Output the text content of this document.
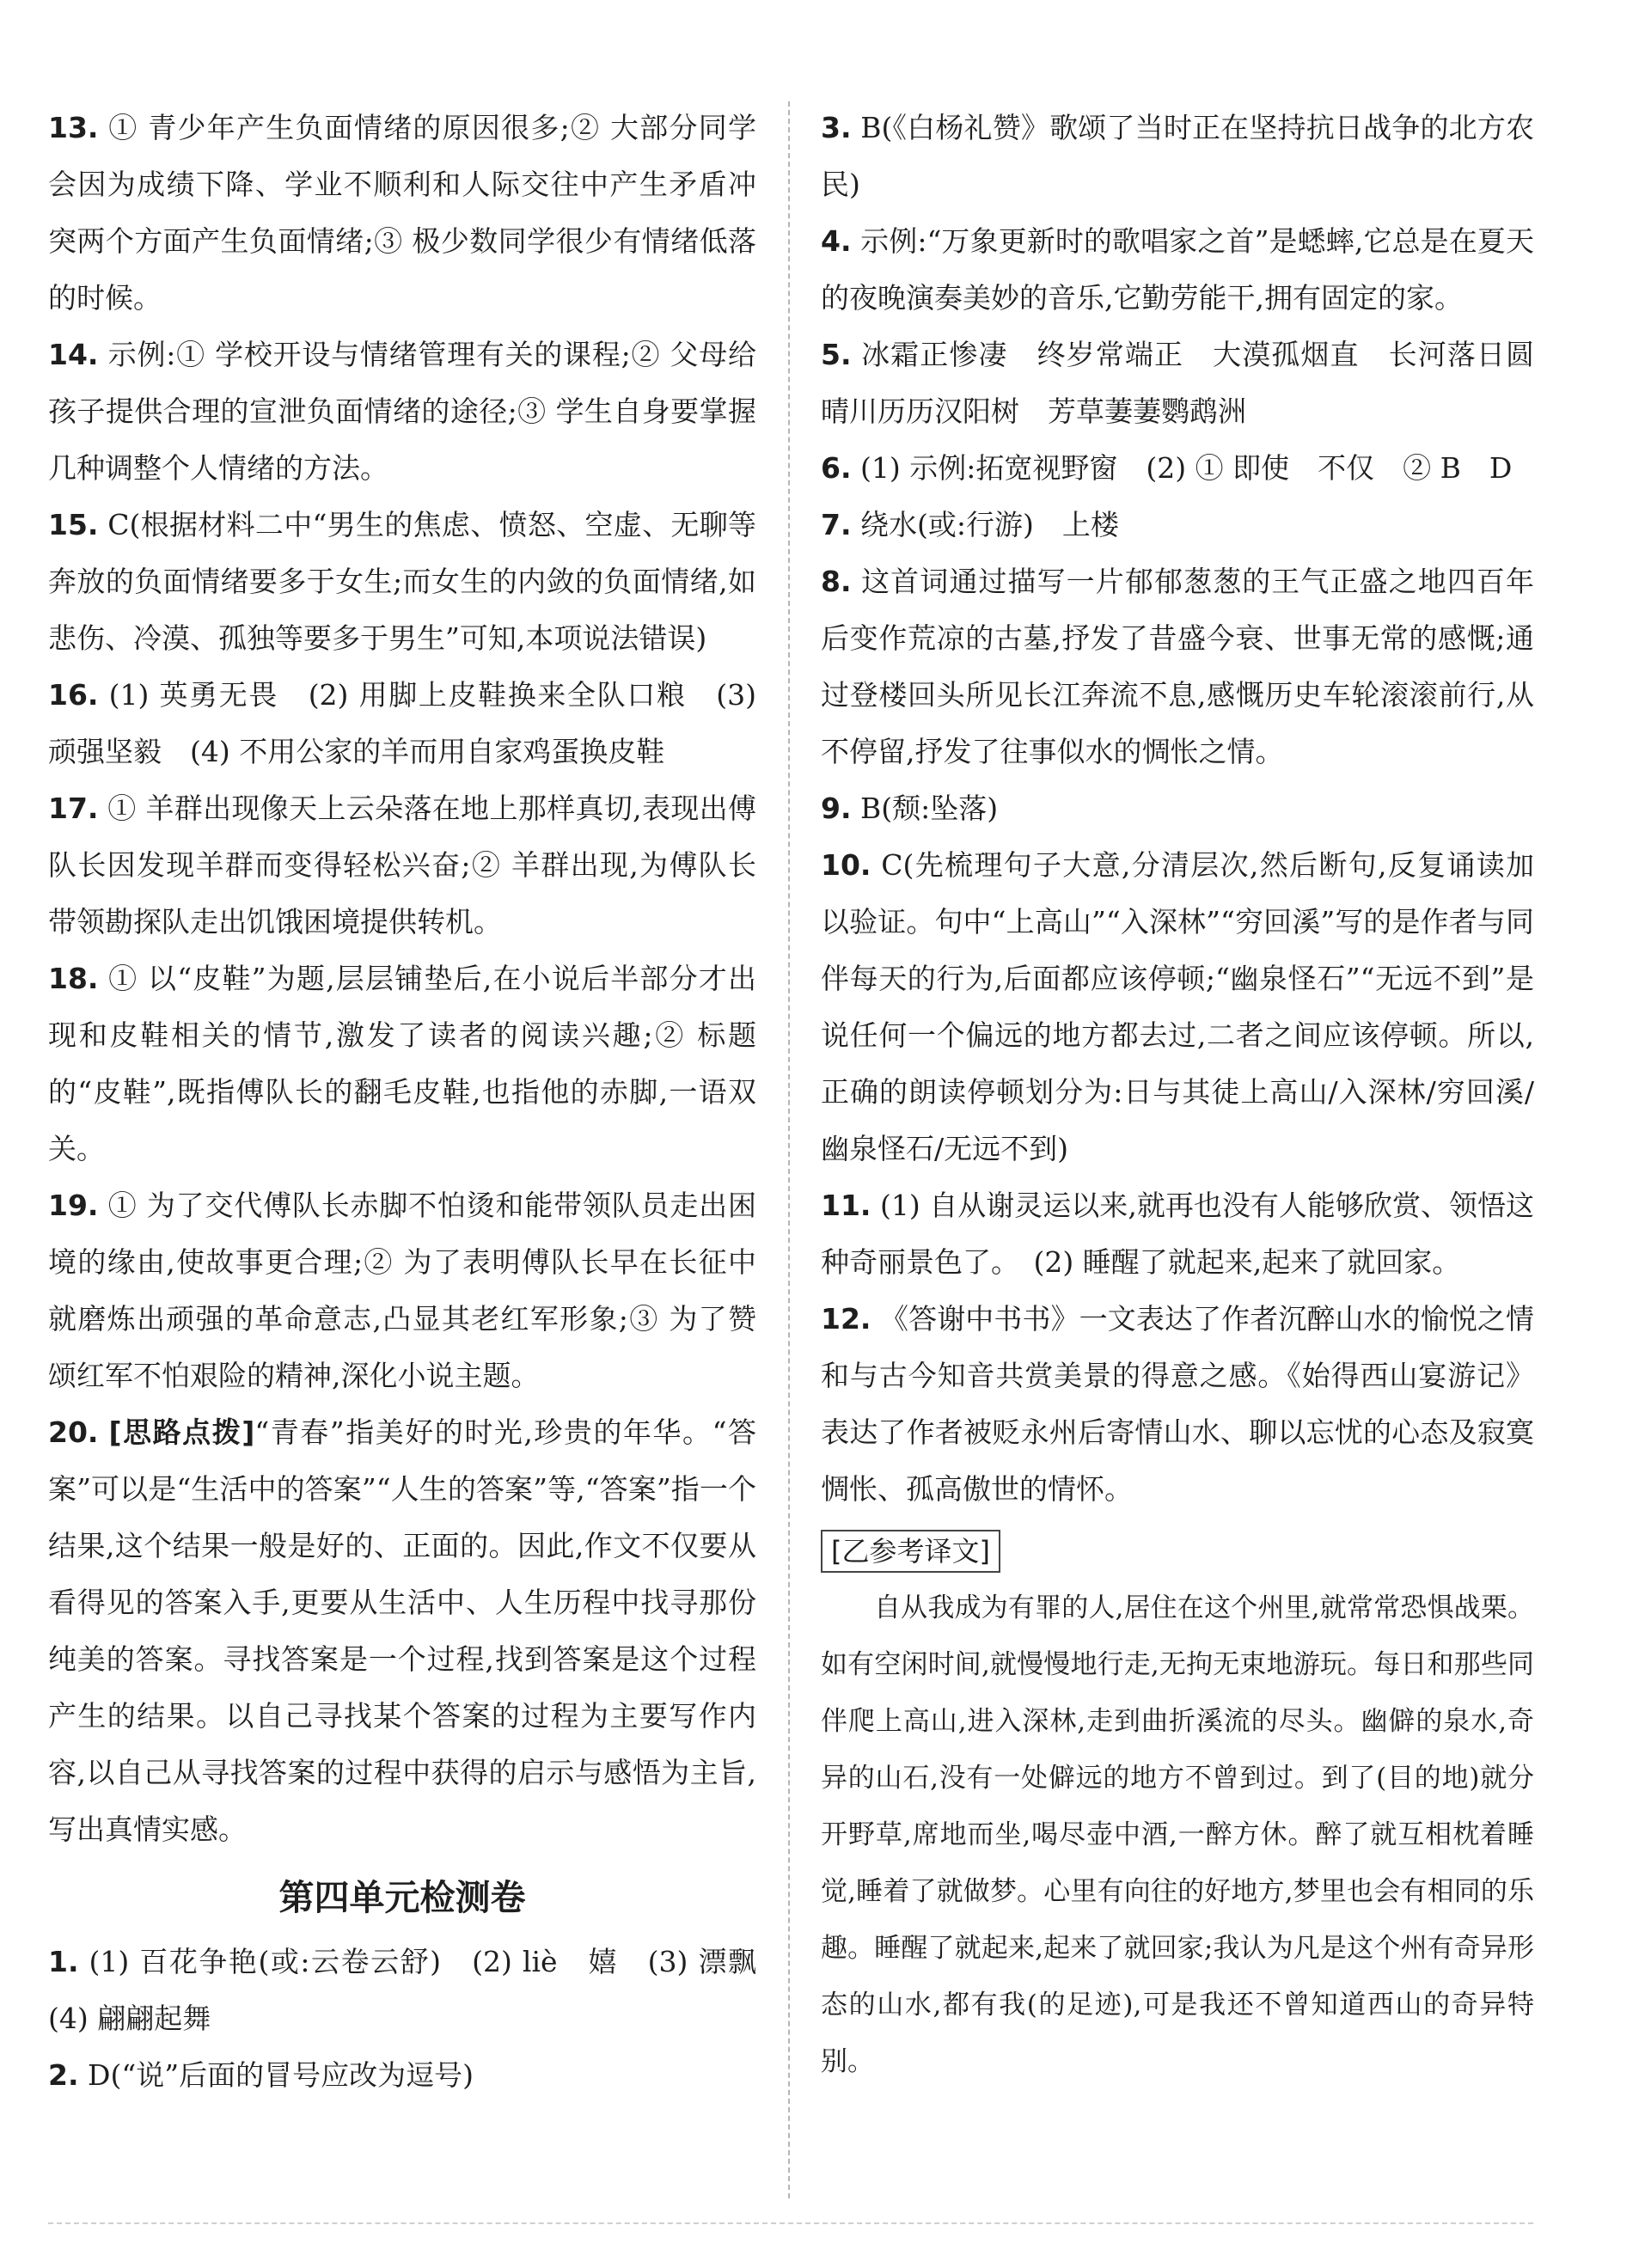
13. ① 青少年产生负面情绪的原因很多;② 大部分同学会因为成绩下降、学业不顺利和人际交往中产生矛盾冲突两个方面产生负面情绪;③ 极少数同学很少有情绪低落的时候。

14. 示例:① 学校开设与情绪管理有关的课程;② 父母给孩子提供合理的宣泄负面情绪的途径;③ 学生自身要掌握几种调整个人情绪的方法。

15. C(根据材料二中“男生的焦虑、愤怒、空虚、无聊等奔放的负面情绪要多于女生;而女生的内敛的负面情绪,如悲伤、冷漠、孤独等要多于男生”可知,本项说法错误)

16. (1) 英勇无畏　(2) 用脚上皮鞋换来全队口粮　(3) 顽强坚毅　(4) 不用公家的羊而用自家鸡蛋换皮鞋

17. ① 羊群出现像天上云朵落在地上那样真切,表现出傅队长因发现羊群而变得轻松兴奋;② 羊群出现,为傅队长带领勘探队走出饥饿困境提供转机。

18. ① 以“皮鞋”为题,层层铺垫后,在小说后半部分才出现和皮鞋相关的情节,激发了读者的阅读兴趣;② 标题的“皮鞋”,既指傅队长的翻毛皮鞋,也指他的赤脚,一语双关。

19. ① 为了交代傅队长赤脚不怕烫和能带领队员走出困境的缘由,使故事更合理;② 为了表明傅队长早在长征中就磨炼出顽强的革命意志,凸显其老红军形象;③ 为了赞颂红军不怕艰险的精神,深化小说主题。

20. [思路点拨]“青春”指美好的时光,珍贵的年华。“答案”可以是“生活中的答案”“人生的答案”等,“答案”指一个结果,这个结果一般是好的、正面的。因此,作文不仅要从看得见的答案入手,更要从生活中、人生历程中找寻那份纯美的答案。寻找答案是一个过程,找到答案是这个过程产生的结果。以自己寻找某个答案的过程为主要写作内容,以自己从寻找答案的过程中获得的启示与感悟为主旨,写出真情实感。

第四单元检测卷

1. (1) 百花争艳(或:云卷云舒)　(2) liè　嬉　(3) 漂飘　(4) 翩翩起舞

2. D(“说”后面的冒号应改为逗号)

3. B(《白杨礼赞》歌颂了当时正在坚持抗日战争的北方农民)

4. 示例:“万象更新时的歌唱家之首”是蟋蟀,它总是在夏天的夜晚演奏美妙的音乐,它勤劳能干,拥有固定的家。

5. 冰霜正惨凄　终岁常端正　大漠孤烟直　长河落日圆　晴川历历汉阳树　芳草萋萋鹦鹉洲

6. (1) 示例:拓宽视野窗　(2) ① 即使　不仅　② B　D

7. 绕水(或:行游)　上楼

8. 这首词通过描写一片郁郁葱葱的王气正盛之地四百年后变作荒凉的古墓,抒发了昔盛今衰、世事无常的感慨;通过登楼回头所见长江奔流不息,感慨历史车轮滚滚前行,从不停留,抒发了往事似水的惆怅之情。

9. B(颓:坠落)

10. C(先梳理句子大意,分清层次,然后断句,反复诵读加以验证。句中“上高山”“入深林”“穷回溪”写的是作者与同伴每天的行为,后面都应该停顿;“幽泉怪石”“无远不到”是说任何一个偏远的地方都去过,二者之间应该停顿。所以,正确的朗读停顿划分为:日与其徒上高山/入深林/穷回溪/幽泉怪石/无远不到)

11. (1) 自从谢灵运以来,就再也没有人能够欣赏、领悟这种奇丽景色了。　(2) 睡醒了就起来,起来了就回家。

12. 《答谢中书书》一文表达了作者沉醉山水的愉悦之情和与古今知音共赏美景的得意之感。《始得西山宴游记》表达了作者被贬永州后寄情山水、聊以忘忧的心态及寂寞惆怅、孤高傲世的情怀。

[乙参考译文]

自从我成为有罪的人,居住在这个州里,就常常恐惧战栗。如有空闲时间,就慢慢地行走,无拘无束地游玩。每日和那些同伴爬上高山,进入深林,走到曲折溪流的尽头。幽僻的泉水,奇异的山石,没有一处僻远的地方不曾到过。到了(目的地)就分开野草,席地而坐,喝尽壶中酒,一醉方休。醉了就互相枕着睡觉,睡着了就做梦。心里有向往的好地方,梦里也会有相同的乐趣。睡醒了就起来,起来了就回家;我认为凡是这个州有奇异形态的山水,都有我(的足迹),可是我还不曾知道西山的奇异特别。
